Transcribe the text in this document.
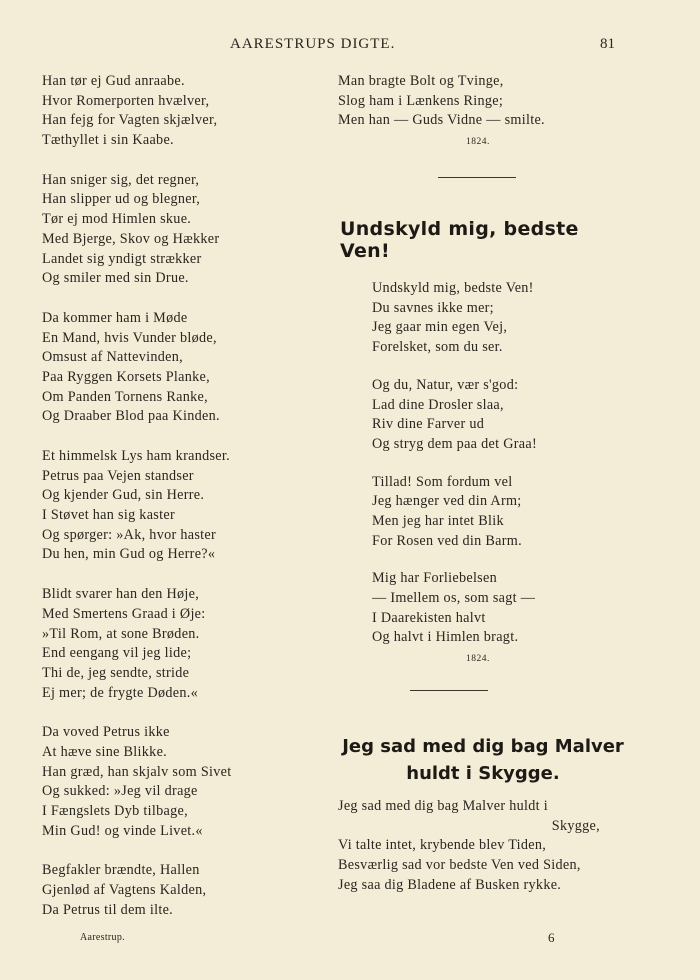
AARESTRUPS DIGTE.	81
Han tør ej Gud anraabe.
Hvor Romerporten hvælver,
Han fejg for Vagten skjælver,
Tæthyllet i sin Kaabe.
Han sniger sig, det regner,
Han slipper ud og blegner,
Tør ej mod Himlen skue.
Med Bjerge, Skov og Hækker
Landet sig yndigt strækker
Og smiler med sin Drue.
Da kommer ham i Møde
En Mand, hvis Vunder bløde,
Omsust af Nattevinden,
Paa Ryggen Korsets Planke,
Om Panden Tornens Ranke,
Og Draaber Blod paa Kinden.
Et himmelsk Lys ham krandser.
Petrus paa Vejen standser
Og kjender Gud, sin Herre.
I Støvet han sig kaster
Og spørger: »Ak, hvor haster
Du hen, min Gud og Herre?«
Blidt svarer han den Høje,
Med Smertens Graad i Øje:
»Til Rom, at sone Brøden.
End eengang vil jeg lide;
Thi de, jeg sendte, stride
Ej mer; de frygte Døden.«
Da voved Petrus ikke
At hæve sine Blikke.
Han græd, han skjalv som Sivet
Og sukked: »Jeg vil drage
I Fængslets Dyb tilbage,
Min Gud! og vinde Livet.«
Begfakler brændte, Hallen
Gjenlød af Vagtens Kalden,
Da Petrus til dem ilte.
Man bragte Bolt og Tvinge,
Slog ham i Lænkens Ringe;
Men han — Guds Vidne — smilte.
1824.
Undskyld mig, bedste Ven!
Undskyld mig, bedste Ven!
Du savnes ikke mer;
Jeg gaar min egen Vej,
Forelsket, som du ser.
Og du, Natur, vær s'god:
Lad dine Drosler slaa,
Riv dine Farver ud
Og stryg dem paa det Graa!
Tillad! Som fordum vel
Jeg hænger ved din Arm;
Men jeg har intet Blik
For Rosen ved din Barm.
Mig har Forliebelsen
— Imellem os, som sagt —
I Daarekisten halvt
Og halvt i Himlen bragt.
1824.
Jeg sad med dig bag Malver
huldt i Skygge.
Jeg sad med dig bag Malver huldt i
Skygge,
Vi talte intet, krybende blev Tiden,
Besværlig sad vor bedste Ven ved Siden,
Jeg saa dig Bladene af Busken rykke.
Aarestrup.	6
